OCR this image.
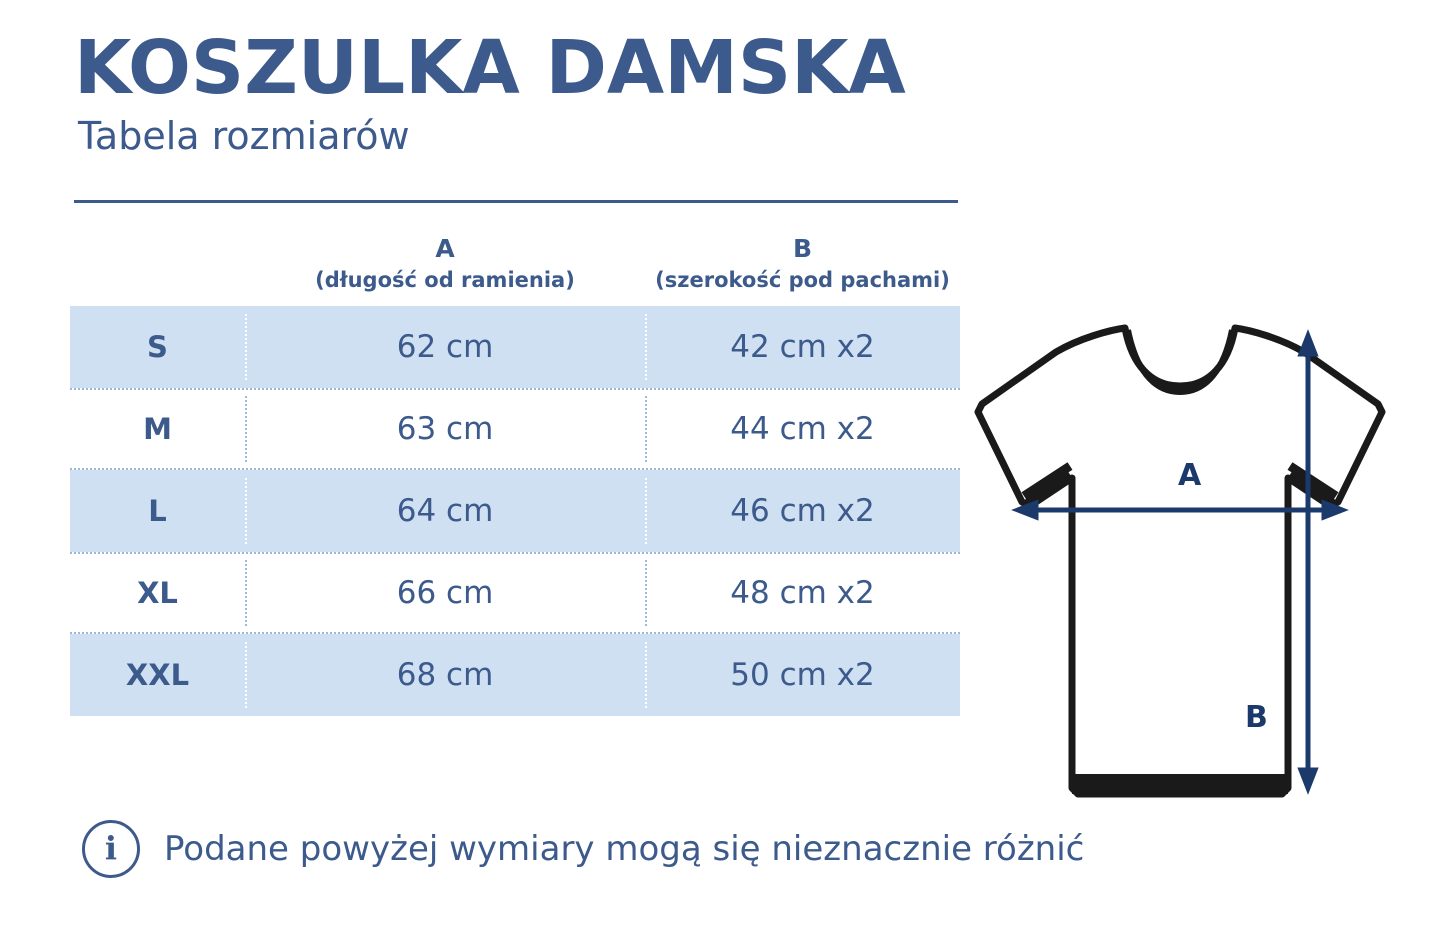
KOSZULKA DAMSKA
Tabela rozmiarów
A
(długość od ramienia)
B
(szerokość pod pachami)
S	62 cm	42 cm x2
M	63 cm	44 cm x2
L	64 cm	46 cm x2
XL	66 cm	48 cm x2
XXL	68 cm	50 cm x2
i Podane powyżej wymiary mogą się nieznacznie różnić
A
B
